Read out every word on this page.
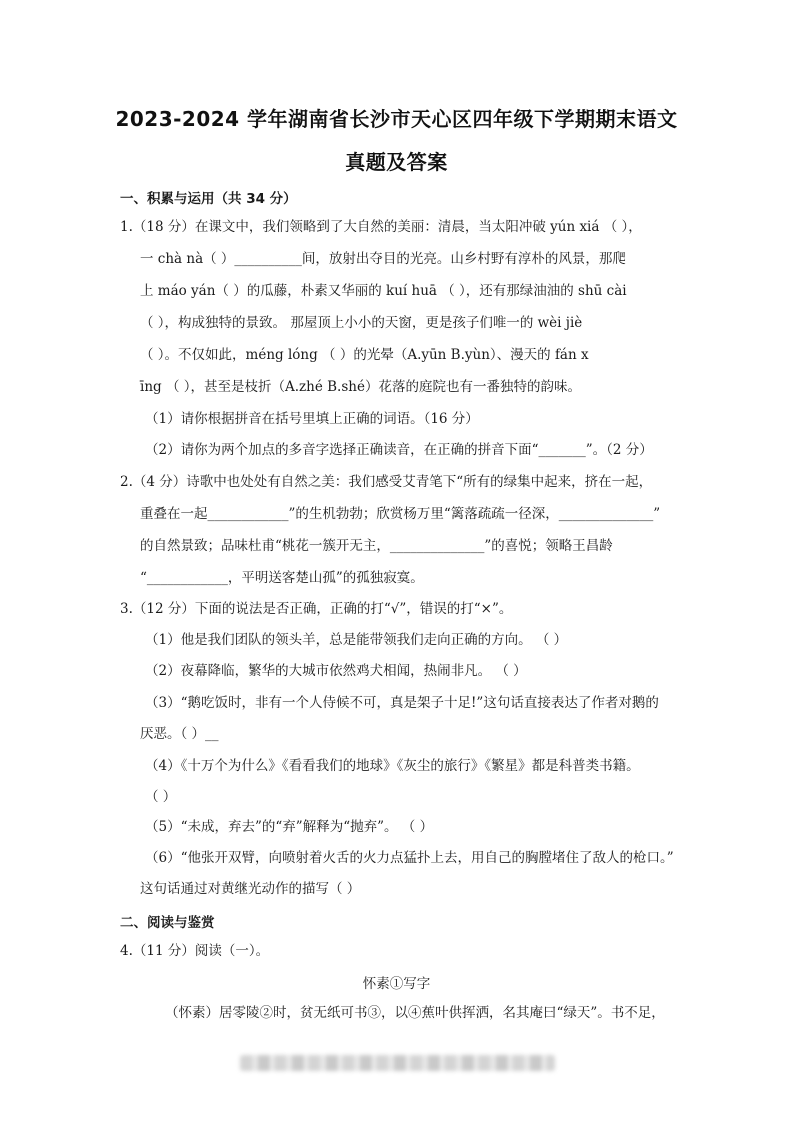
2023-2024 学年湖南省长沙市天心区四年级下学期期末语文
真题及答案
一、积累与运用（共 34 分）
1.（18 分）在课文中，我们领略到了大自然的美丽：清晨，当太阳冲破 yún xiá （ ），
一 chà nà（ ）__________间，放射出夺目的光亮。山乡村野有淳朴的风景，那爬
上 máo yán（ ）的瓜藤，朴素又华丽的 kuí huā （ ），还有那绿油油的 shū cài
（ ），构成独特的景致。 那屋顶上小小的天窗，更是孩子们唯一的 wèi jiè
（ ）。不仅如此，méng lóng （ ）的光晕（A.yūn B.yùn）、漫天的 fán x
īng （ ），甚至是枝折（A.zhé B.shé）花落的庭院也有一番独特的韵味。
（1）请你根据拼音在括号里填上正确的词语。（16 分）
（2）请你为两个加点的多音字选择正确读音，在正确的拼音下面“_______”。（2 分）
2.（4 分）诗歌中也处处有自然之美：我们感受艾青笔下“所有的绿集中起来，挤在一起，
重叠在一起____________”的生机勃勃；欣赏杨万里“篱落疏疏一径深，______________”
的自然景致；品味杜甫“桃花一簇开无主，______________”的喜悦；领略王昌龄
“____________，平明送客楚山孤”的孤独寂寞。
3.（12 分）下面的说法是否正确，正确的打“√”，错误的打“×”。
（1）他是我们团队的领头羊，总是能带领我们走向正确的方向。 （ ）
（2）夜幕降临，繁华的大城市依然鸡犬相闻，热闹非凡。 （ ）
（3）“鹅吃饭时，非有一个人侍候不可，真是架子十足!”这句话直接表达了作者对鹅的
厌恶。（ ）__
（4）《十万个为什么》《看看我们的地球》《灰尘的旅行》《繁星》都是科普类书籍。
（ ）
（5）“未成，弃去”的“弃”解释为“抛弃”。 （ ）
（6）“他张开双臂，向喷射着火舌的火力点猛扑上去，用自己的胸膛堵住了敌人的枪口。”
这句话通过对黄继光动作的描写（ ）
二、阅读与鉴赏
4.（11 分）阅读（一）。
怀素①写字
（怀素）居零陵②时，贫无纸可书③，以④蕉叶供挥洒，名其庵曰“绿天”。书不足，
